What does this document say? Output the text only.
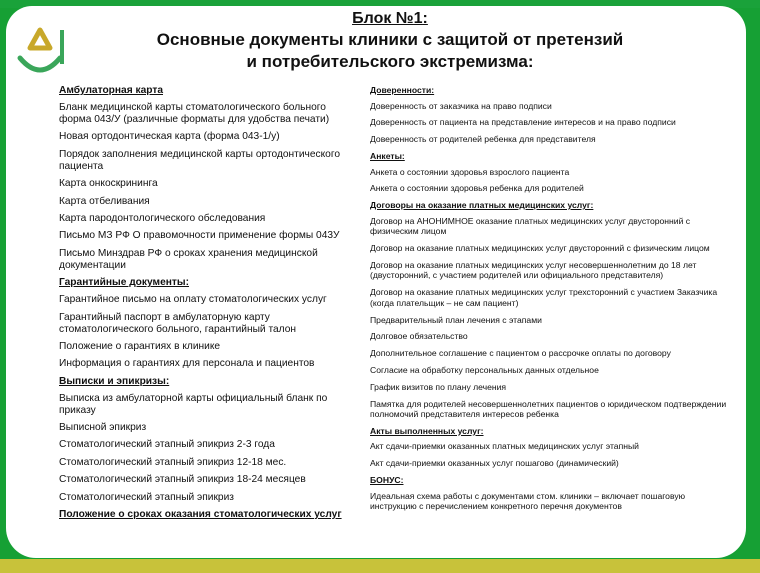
Блок №1:
Основные документы клиники с защитой от претензий
и потребительского экстремизма:
Амбулаторная карта
Бланк медицинской карты стоматологического больного форма 043/У (различные форматы для удобства печати)
Новая ортодонтическая карта (форма 043-1/у)
Порядок заполнения медицинской карты ортодонтического пациента
Карта онкоскрининга
Карта отбеливания
Карта пародонтологического обследования
Письмо МЗ РФ О правомочности применение формы 043У
Письмо Минздрав РФ о сроках хранения медицинской документации
Гарантийные документы:
Гарантийное письмо на оплату стоматологических услуг
Гарантийный паспорт в амбулаторную карту стоматологического больного, гарантийный талон
Положение о гарантиях в клинике
Информация о гарантиях для персонала и пациентов
Выписки и эпикризы:
Выписка из амбулаторной карты официальный бланк по приказу
Выписной эпикриз
Стоматологический этапный эпикриз 2-3 года
Стоматологический этапный эпикриз 12-18 мес.
Стоматологический этапный эпикриз 18-24 месяцев
Стоматологический этапный эпикриз
Положение о сроках оказания стоматологических услуг
Доверенности:
Доверенность от заказчика на право подписи
Доверенность от пациента на представление интересов и на право подписи
Доверенность от родителей ребенка для представителя
Анкеты:
Анкета о состоянии здоровья взрослого пациента
Анкета о состоянии здоровья ребенка для родителей
Договоры на оказание платных медицинских услуг:
Договор на АНОНИМНОЕ оказание платных медицинских услуг двусторонний с физическим лицом
Договор на оказание платных медицинских услуг двусторонний с физическим лицом
Договор на оказание платных медицинских услуг несовершеннолетним до 18 лет (двусторонний, с участием родителей или официального представителя)
Договор на оказание платных медицинских услуг трехсторонний с участием Заказчика (когда плательщик – не сам пациент)
Предварительный план лечения с этапами
Долговое обязательство
Дополнительное соглашение с пациентом о рассрочке оплаты по договору
Согласие на обработку персональных данных отдельное
График визитов по плану лечения
Памятка для родителей несовершеннолетних пациентов о юридическом подтверждении полномочий представителя интересов ребенка
Акты выполненных услуг:
Акт сдачи-приемки оказанных платных медицинских услуг этапный
Акт сдачи-приемки оказанных услуг пошагово (динамический)
БОНУС:
Идеальная схема работы с документами стом. клиники – включает пошаговую инструкцию с перечислением конкретного перечня документов
